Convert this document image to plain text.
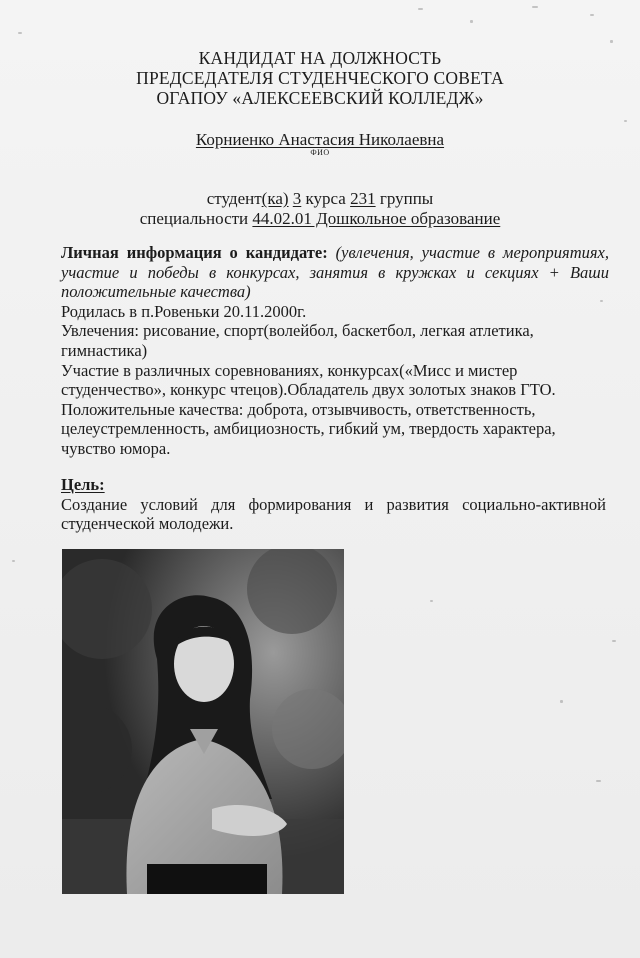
КАНДИДАТ НА ДОЛЖНОСТЬ
ПРЕДСЕДАТЕЛЯ СТУДЕНЧЕСКОГО СОВЕТА
ОГАПОУ «АЛЕКСЕЕВСКИЙ КОЛЛЕДЖ»
Корниенко Анастасия Николаевна
ФИО
студент(ка) 3 курса 231 группы
специальности 44.02.01 Дошкольное образование
Личная информация о кандидате: (увлечения, участие в мероприятиях, участие и победы в конкурсах, занятия в кружках и секциях + Ваши положительные качества)
Родилась в п.Ровеньки 20.11.2000г.
Увлечения: рисование, спорт(волейбол, баскетбол, легкая атлетика,
гимнастика)
Участие в различных соревнованиях, конкурсах(«Мисс и мистер
студенчество», конкурс чтецов).Обладатель двух золотых знаков ГТО.
Положительные качества: доброта, отзывчивость, ответственность,
целеустремленность, амбициозность, гибкий ум, твердость характера,
чувство юмора.
Цель:
Создание условий для формирования и развития социально-активной студенческой молодежи.
